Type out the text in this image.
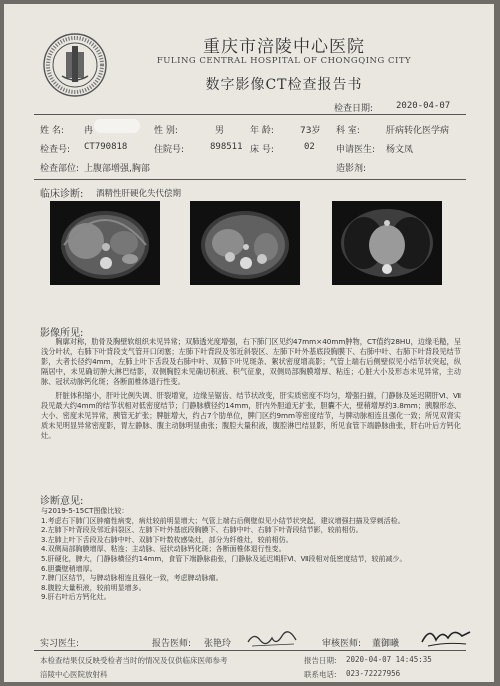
重庆市涪陵中心医院
FULING CENTRAL HOSPITAL OF CHONGQING CITY
数字影像CT检查报告书
检查日期:	2020-04-07
姓 名: 冉	性 别:	男	年 龄:	73岁 科 室:	肝病转化医学病
检查号: CT790818	住院号:	898511 床 号:	02 申请医生: 杨文凤
检查部位: 上腹部增强,胸部	造影剂:
临床诊断: 酒精性肝硬化失代偿期
影像所见:

胸廓对称，肋骨及胸壁软组织未见异常；双肺透光度增强，右下肺门区见约47mm×40mm肿物，CT值约28HU，边缘毛糙，呈浅分叶状，右肺下叶背段支气管开口闭塞；左肺下叶背段及邻近斜裂区、左肺下叶外基底段胸膜下、右肺中叶、右肺下叶背段见结节影，大者长径约4mm，左肺上叶下舌段及右肺中叶、双肺下叶见斑条、絮状密度增高影；气管上端右后侧壁似见小结节状突起，纵隔居中，未见确切肿大淋巴结影，双侧胸腔未见确切积液、积气征象，双侧局部胸膜增厚、粘连；心脏大小及形态未见异常，主动脉、冠状动脉钙化斑；各断面椎体退行性变。

肝脏体积缩小，肝叶比例失调、肝裂增宽，边缘呈锯齿、结节状改变，肝实质密度不均匀，增强扫描，门静脉及延迟期肝Ⅵ、Ⅶ段见最大约4mm的结节状相对低密度结节；门静脉横径约14mm，肝内外胆道无扩张，胆囊不大，壁稍增厚约3.8mm；胰腺形态、大小、密度未见异常，胰管无扩张；脾脏增大，约占7个肋单位，脾门区约9mm等密度结节，与脾动脉相连且强化一致；所见双肾实质未见明显异常密度影，胃左静脉、腹主动脉明显曲张；腹腔大量积液，腹腔淋巴结显影，所见食管下端静脉曲张，肝右叶后方钙化灶。

诊断意见:
与2019-5-15CT图像比较：
1.考虑右下肺门区肿瘤性病变，病灶较前明显增大；气管上端右后侧壁似见小结节状突起，建议增强扫描及穿刺活检。
2.左肺下叶背段及邻近斜裂区、左肺下叶外基底段胸膜下、右肺中叶、右肺下叶背段结节影，较前相仿。
3.左肺上叶下舌段及右肺中叶、双肺下叶数枚感染灶，部分为纤维灶，较前相仿。
4.双侧局部胸膜增厚、粘连；主动脉、冠状动脉钙化斑；各断面椎体退行性变。
5.肝硬化，脾大，门静脉横径约14mm，食管下端静脉曲张，门静脉及延迟期肝Ⅵ、Ⅶ段相对低密度结节，较前减少。
6.胆囊壁稍增厚。
7.脾门区结节，与脾动脉相连且强化一致，考虑脾动脉瘤。
8.腹腔大量积液，较前明显增多。
9.肝右叶后方钙化灶。
实习医生:	报告医师: 张艳玲	审核医师: 董御曦
本检查结果仅反映受检者当时的情况及仅供临床医师参考	报告日期: 2020-04-07 14:45:35
涪陵中心医院放射科	联系电话: 023-72227956
